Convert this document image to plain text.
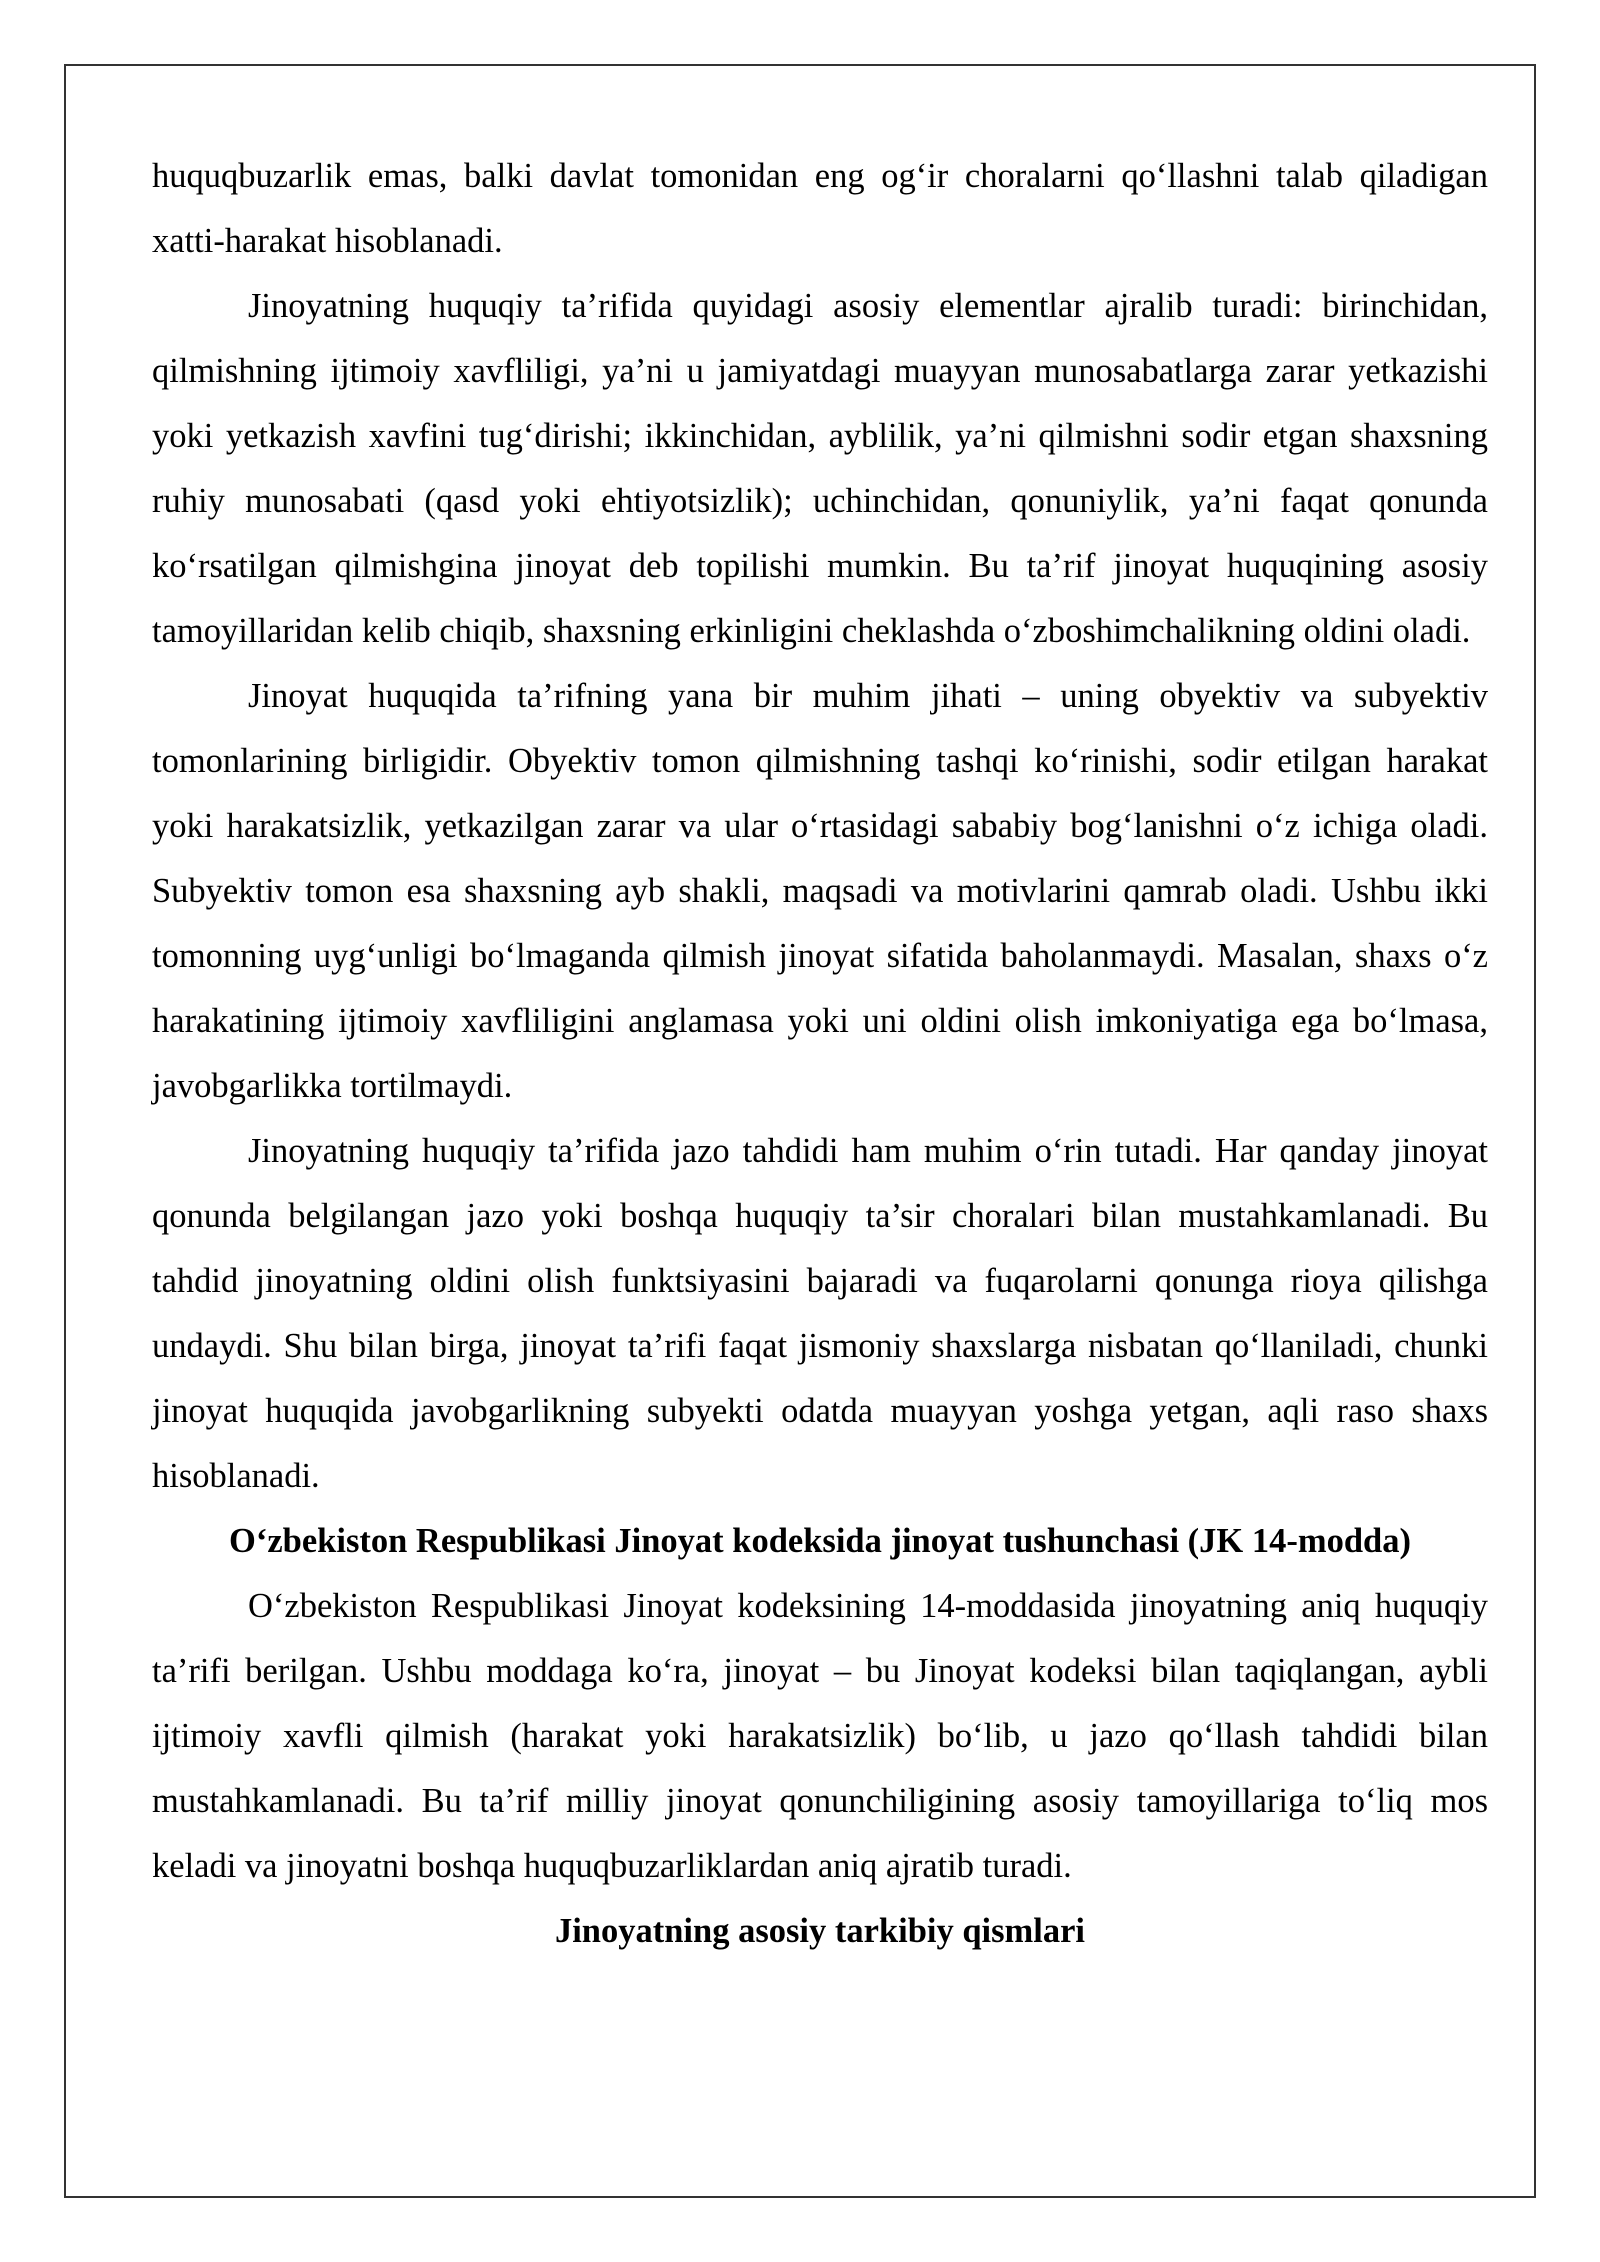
huquqbuzarlik emas, balki davlat tomonidan eng og‘ir choralarni qo‘llashni talab qiladigan xatti-harakat hisoblanadi.

Jinoyatning huquqiy ta’rifida quyidagi asosiy elementlar ajralib turadi: birinchidan, qilmishning ijtimoiy xavfliligi, ya’ni u jamiyatdagi muayyan munosabatlarga zarar yetkazishi yoki yetkazish xavfini tug‘dirishi; ikkinchidan, ayblilik, ya’ni qilmishni sodir etgan shaxsning ruhiy munosabati (qasd yoki ehtiyotsizlik); uchinchidan, qonuniylik, ya’ni faqat qonunda ko‘rsatilgan qilmishgina jinoyat deb topilishi mumkin. Bu ta’rif jinoyat huquqining asosiy tamoyillaridan kelib chiqib, shaxsning erkinligini cheklashda o‘zboshimchalikning oldini oladi.

Jinoyat huquqida ta’rifning yana bir muhim jihati – uning obyektiv va subyektiv tomonlarining birligidir. Obyektiv tomon qilmishning tashqi ko‘rinishi, sodir etilgan harakat yoki harakatsizlik, yetkazilgan zarar va ular o‘rtasidagi sababiy bog‘lanishni o‘z ichiga oladi. Subyektiv tomon esa shaxsning ayb shakli, maqsadi va motivlarini qamrab oladi. Ushbu ikki tomonning uyg‘unligi bo‘lmaganda qilmish jinoyat sifatida baholanmaydi. Masalan, shaxs o‘z harakatining ijtimoiy xavfliligini anglamasa yoki uni oldini olish imkoniyatiga ega bo‘lmasa, javobgarlikka tortilmaydi.

Jinoyatning huquqiy ta’rifida jazo tahdidi ham muhim o‘rin tutadi. Har qanday jinoyat qonunda belgilangan jazo yoki boshqa huquqiy ta’sir choralari bilan mustahkamlanadi. Bu tahdid jinoyatning oldini olish funktsiyasini bajaradi va fuqarolarni qonunga rioya qilishga undaydi. Shu bilan birga, jinoyat ta’rifi faqat jismoniy shaxslarga nisbatan qo‘llaniladi, chunki jinoyat huquqida javobgarlikning subyekti odatda muayyan yoshga yetgan, aqli raso shaxs hisoblanadi.

O‘zbekiston Respublikasi Jinoyat kodeksida jinoyat tushunchasi (JK 14-modda)

O‘zbekiston Respublikasi Jinoyat kodeksining 14-moddasida jinoyatning aniq huquqiy ta’rifi berilgan. Ushbu moddaga ko‘ra, jinoyat – bu Jinoyat kodeksi bilan taqiqlangan, aybli ijtimoiy xavfli qilmish (harakat yoki harakatsizlik) bo‘lib, u jazo qo‘llash tahdidi bilan mustahkamlanadi. Bu ta’rif milliy jinoyat qonunchiligining asosiy tamoyillariga to‘liq mos keladi va jinoyatni boshqa huquqbuzarliklardan aniq ajratib turadi.

Jinoyatning asosiy tarkibiy qismlari
